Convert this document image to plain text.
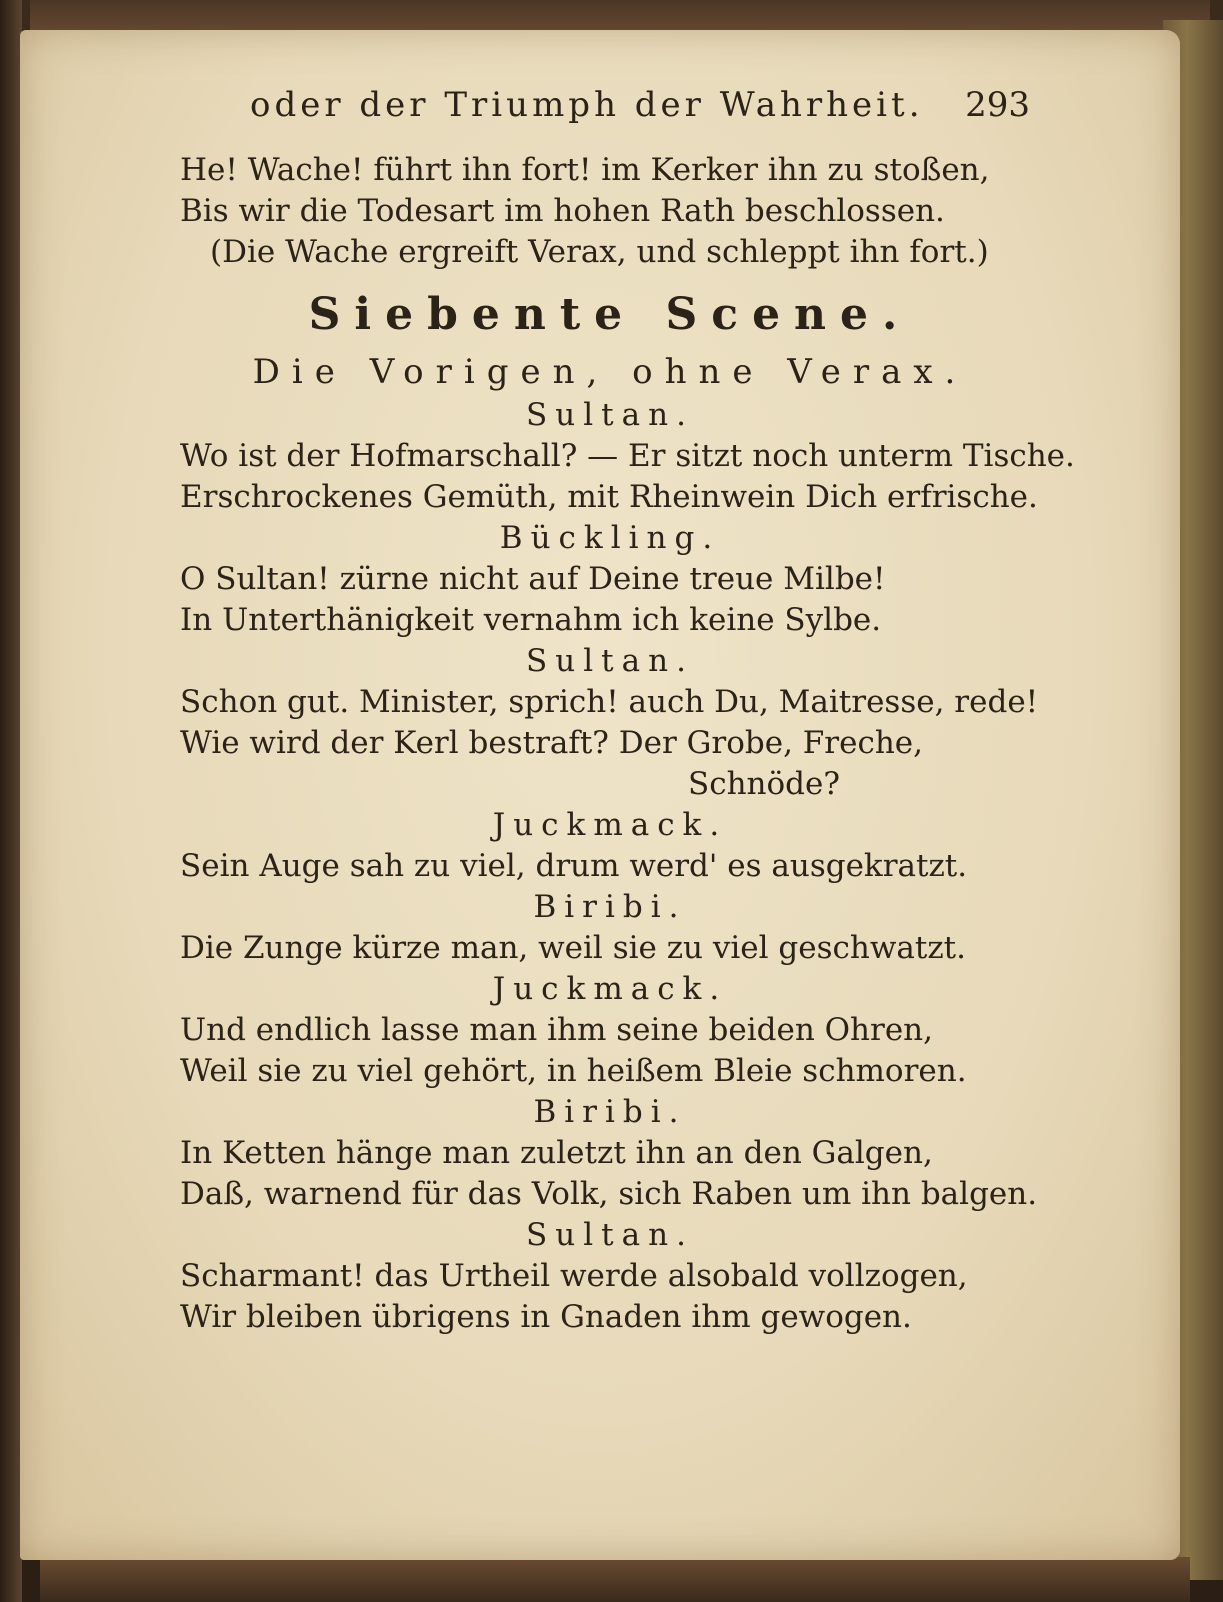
oder der Triumph der Wahrheit. 293
He! Wache! führt ihn fort! im Kerker ihn zu stoßen,
Bis wir die Todesart im hohen Rath beschlossen.
(Die Wache ergreift Verax, und schleppt ihn fort.)
Siebente Scene.
Die Vorigen, ohne Verax.
Sultan.
Wo ist der Hofmarschall? — Er sitzt noch unterm Tische.
Erschrockenes Gemüth, mit Rheinwein Dich erfrische.
Bückling.
O Sultan! zürne nicht auf Deine treue Milbe!
In Unterthänigkeit vernahm ich keine Sylbe.
Sultan.
Schon gut. Minister, sprich! auch Du, Maitresse, rede!
Wie wird der Kerl bestraft? Der Grobe, Freche,
Schnöde?
Juckmack.
Sein Auge sah zu viel, drum werd' es ausgekratzt.
Biribi.
Die Zunge kürze man, weil sie zu viel geschwatzt.
Juckmack.
Und endlich lasse man ihm seine beiden Ohren,
Weil sie zu viel gehört, in heißem Bleie schmoren.
Biribi.
In Ketten hänge man zuletzt ihn an den Galgen,
Daß, warnend für das Volk, sich Raben um ihn balgen.
Sultan.
Scharmant! das Urtheil werde alsobald vollzogen,
Wir bleiben übrigens in Gnaden ihm gewogen.
